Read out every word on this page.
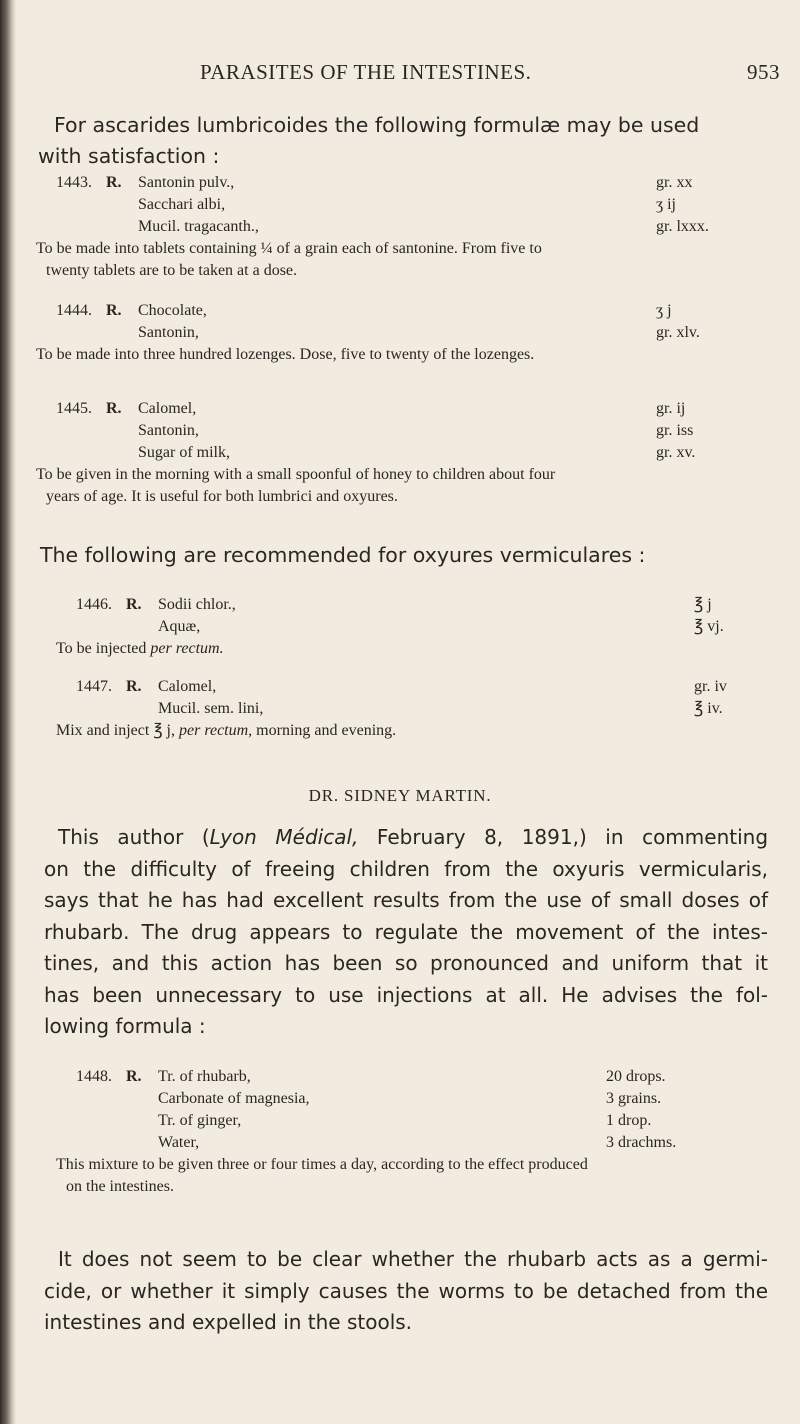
PARASITES OF THE INTESTINES.	953
For ascarides lumbricoides the following formulæ may be used
with satisfaction :
1443. R. Santonin pulv.,	gr. xx
Sacchari albi,	ʒ ij
Mucil. tragacanth.,	gr. lxxx.
To be made into tablets containing ¼ of a grain each of santonine. From five to
twenty tablets are to be taken at a dose.
1444. R. Chocolate,	ʒ j
Santonin,	gr. xlv.
To be made into three hundred lozenges. Dose, five to twenty of the lozenges.
1445. R. Calomel,	gr. ij
Santonin,	gr. iss
Sugar of milk,	gr. xv.
To be given in the morning with a small spoonful of honey to children about four
years of age. It is useful for both lumbrici and oxyures.
The following are recommended for oxyures vermiculares :
1446. R. Sodii chlor.,	℥ j
Aquæ,	℥ vj.
To be injected per rectum.
1447. R. Calomel,	gr. iv
Mucil. sem. lini,	℥ iv.
Mix and inject ℥ j, per rectum, morning and evening.
DR. SIDNEY MARTIN.
This author (Lyon Médical, February 8, 1891,) in commenting
on the difficulty of freeing children from the oxyuris vermicularis,
says that he has had excellent results from the use of small doses of
rhubarb. The drug appears to regulate the movement of the intes-
tines, and this action has been so pronounced and uniform that it
has been unnecessary to use injections at all. He advises the fol-
lowing formula :
1448. R. Tr. of rhubarb,	20 drops.
Carbonate of magnesia,	3 grains.
Tr. of ginger,	1 drop.
Water,	3 drachms.
This mixture to be given three or four times a day, according to the effect produced
on the intestines.
It does not seem to be clear whether the rhubarb acts as a germi-
cide, or whether it simply causes the worms to be detached from the
intestines and expelled in the stools.
